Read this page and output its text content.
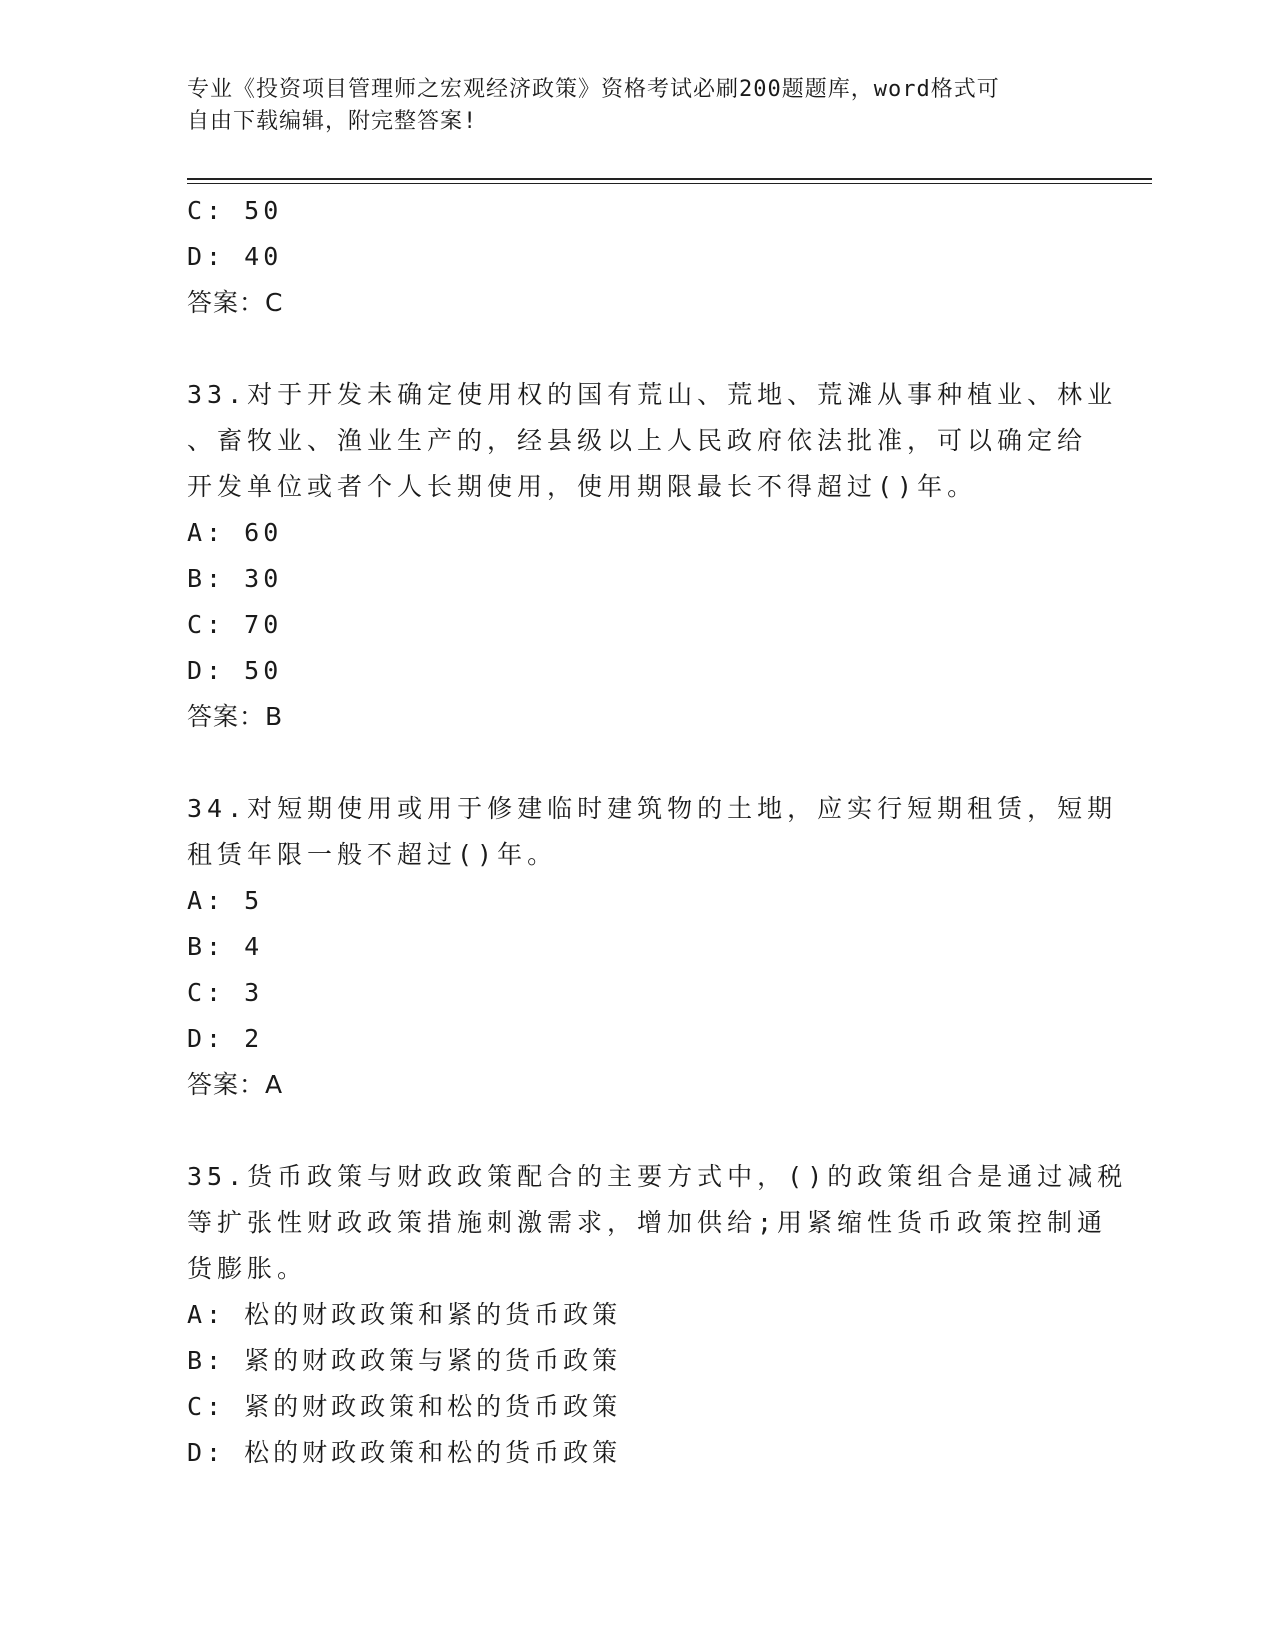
专业《投资项目管理师之宏观经济政策》资格考试必刷200题题库，word格式可
自由下载编辑，附完整答案!
C: 50
D: 40
答案：C
33.对于开发未确定使用权的国有荒山、荒地、荒滩从事种植业、林业
、畜牧业、渔业生产的，经县级以上人民政府依法批准，可以确定给
开发单位或者个人长期使用，使用期限最长不得超过()年。
A: 60
B: 30
C: 70
D: 50
答案：B
34.对短期使用或用于修建临时建筑物的土地，应实行短期租赁，短期
租赁年限一般不超过()年。
A: 5
B: 4
C: 3
D: 2
答案：A
35.货币政策与财政政策配合的主要方式中，()的政策组合是通过减税
等扩张性财政政策措施刺激需求，增加供给;用紧缩性货币政策控制通
货膨胀。
A: 松的财政政策和紧的货币政策
B: 紧的财政政策与紧的货币政策
C: 紧的财政政策和松的货币政策
D: 松的财政政策和松的货币政策
